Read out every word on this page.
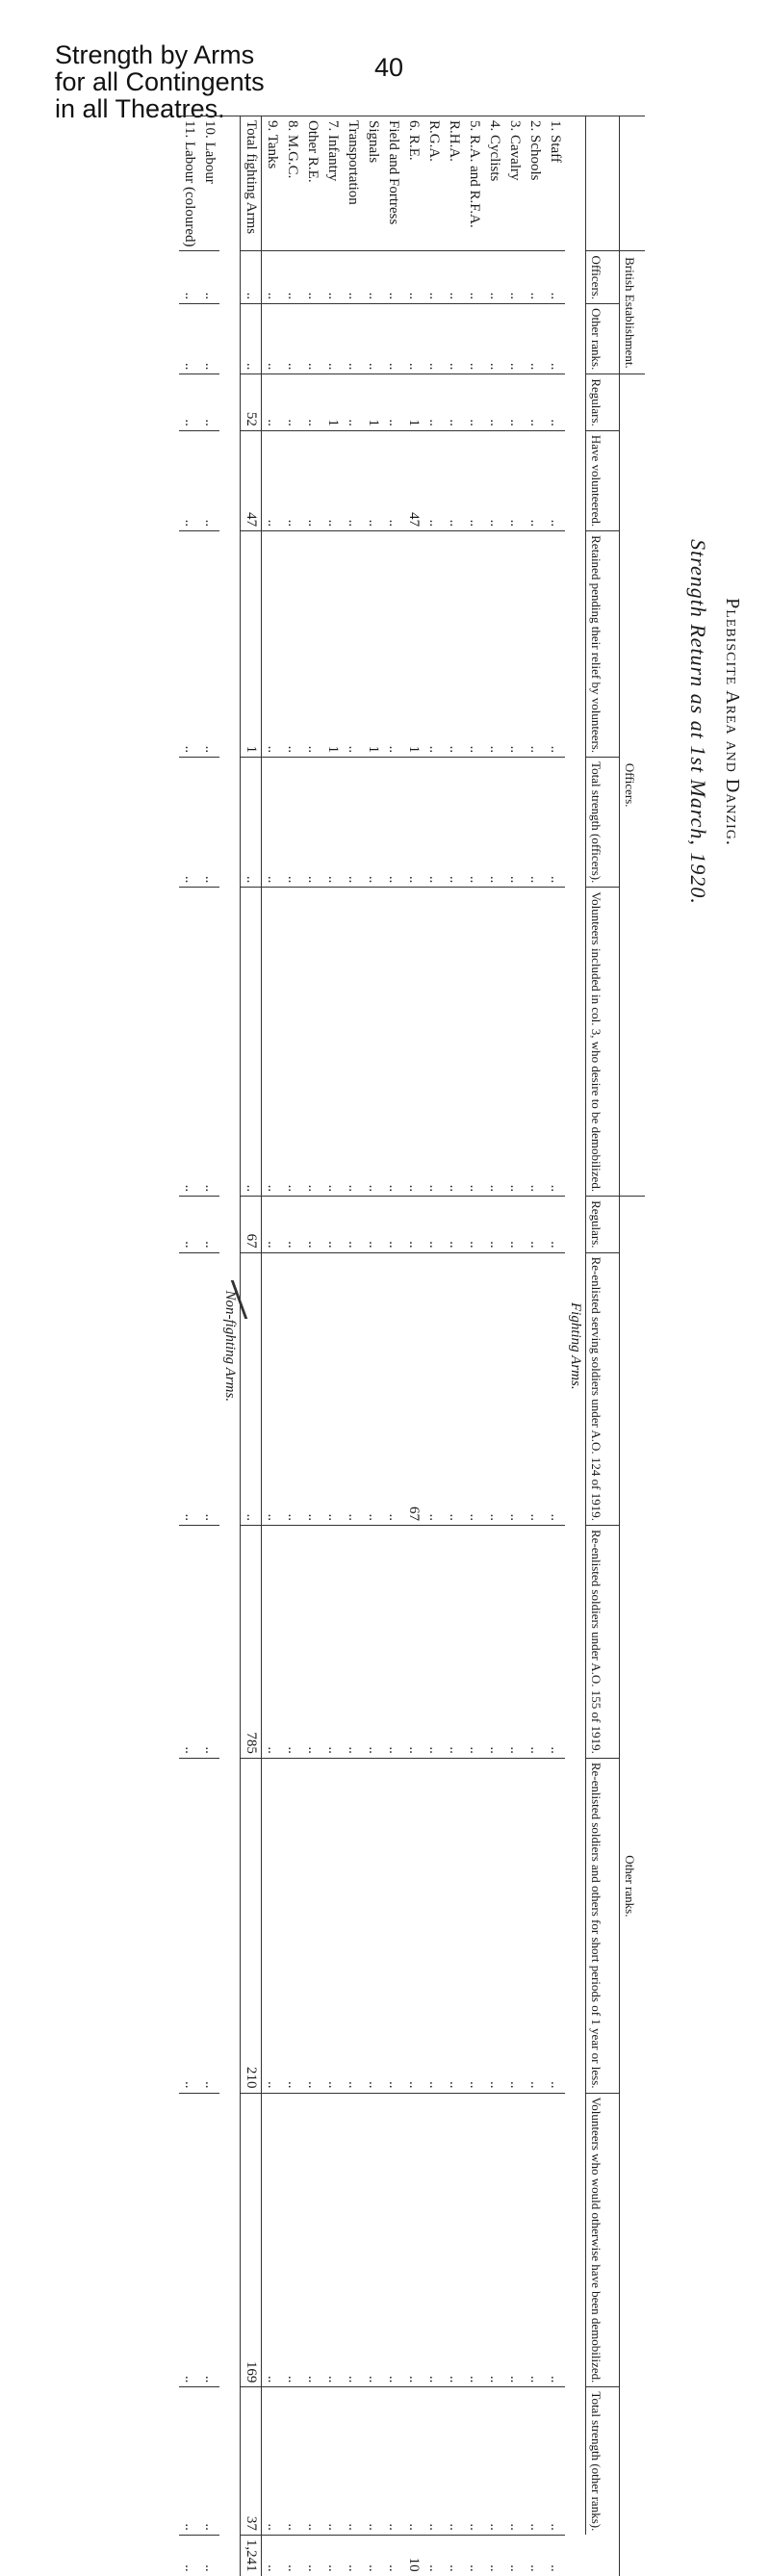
Strength by Arms
for all Contingents
in all Theatres.
40
Plebiscite Area and Danzig.
Strength Return as at 1st March, 1920.
	British Establishment.		Officers.					Other ranks.						
	Officers.	Other ranks.	Regulars.	Have volunteered.	Retained pending their relief by volunteers.	Total strength (officers).	Volunteers included in col. 3, who desire to be demobilized.	Regulars.	Re-enlisted serving soldiers under A.O. 124 of 1919.	Re-enlisted soldiers under A.O. 155 of 1919.	Re-enlisted soldiers and others for short periods of 1 year or less.	Volunteers who would otherwise have been demobilized.	Total strength (other ranks).	
Fighting Arms.														
1. Staff	..	..	..	..	..	..	..	..	..	..	..	..	..	..
2. Schools	..	..	..	..	..	..	..	..	..	..	..	..	..	..
3. Cavalry	..	..	..	..	..	..	..	..	..	..	..	..	..	..
4. Cyclists	..	..	..	..	..	..	..	..	..	..	..	..	..	..
5. R.A. and R.F.A.	..	..	..	..	..	..	..	..	..	..	..	..	..	..
R.H.A.	..	..	..	..	..	..	..	..	..	..	..	..	..	..
R.G.A.	..	..	..	..	..	..	..	..	..	..	..	..	..	..
6. R.E.	..	..	1	47	1	..	..	..	67	..	..	..	..	10
Field and Fortress	..	..	..	..	..	..	..	..	..	..	..	..	..	..
Signals	..	..	1	..	1	..	..	..	..	..	..	..	..	..
Transportation	..	..	..	..	..	..	..	..	..	..	..	..	..	..
7. Infantry	..	..	1	..	1	..	..	..	..	..	..	..	..	..
Other R.E.	..	..	..	..	..	..	..	..	..	..	..	..	..	..
8. M.G.C.	..	..	..	..	..	..	..	..	..	..	..	..	..	..
9. Tanks	..	..	..	..	..	..	..	..	..	..	..	..	..	..
Total fighting Arms	..	..	52	47	1	..	..	67	..	785	210	169	37	1,241
Non-fighting Arms.														
10. Labour	..	..	..	..	..	..	..	..	..	..	..	..	..	..
11. Labour (coloured)	..	..	..	..	..	..	..	..	..	..	..	..	..	..
